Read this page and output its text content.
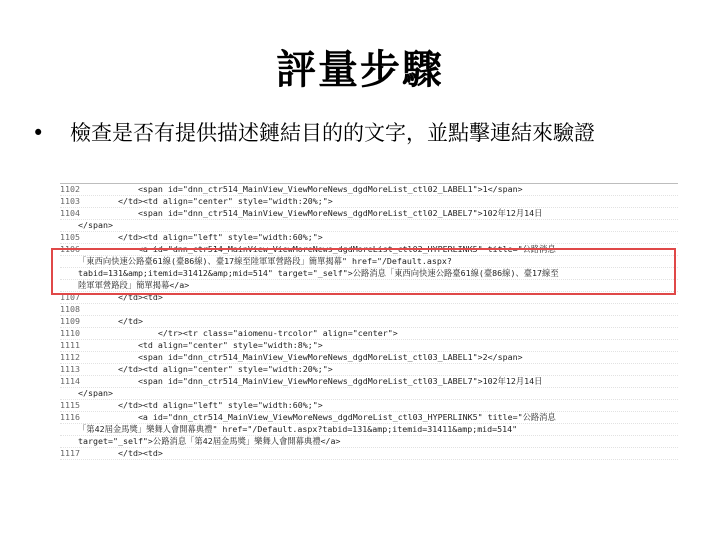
評量步驟
• 檢查是否有提供描述鏈結目的的文字，並點擊連結來驗證
1102
<span id="dnn_ctr514_MainView_ViewMoreNews_dgdMoreList_ctl02_LABEL1">1</span>
1103
</td><td align="center" style="width:20%;">
1104
<span id="dnn_ctr514_MainView_ViewMoreNews_dgdMoreList_ctl02_LABEL7">102年12月14日
</span>
1105
</td><td align="left" style="width:60%;">
1106
<a id="dnn_ctr514_MainView_ViewMoreNews_dgdMoreList_ctl02_HYPERLINK5" title="公路消息
「東西向快速公路臺61線(臺86線)、臺17線至陸軍軍營路段」簡單揭幕" href="/Default.aspx?
tabid=131&amp;itemid=31412&amp;mid=514" target="_self">公路消息「東西向快速公路臺61線(臺86線)、臺17線至
陸軍軍營路段」簡單揭幕</a>
1107
</td><td>
1108
1109
</td>
1110
</tr><tr class="aiomenu-trcolor" align="center">
1111
<td align="center" style="width:8%;">
1112
<span id="dnn_ctr514_MainView_ViewMoreNews_dgdMoreList_ctl03_LABEL1">2</span>
1113
</td><td align="center" style="width:20%;">
1114
<span id="dnn_ctr514_MainView_ViewMoreNews_dgdMoreList_ctl03_LABEL7">102年12月14日
</span>
1115
</td><td align="left" style="width:60%;">
1116
<a id="dnn_ctr514_MainView_ViewMoreNews_dgdMoreList_ctl03_HYPERLINK5" title="公路消息
「第42屆金馬獎」樂舞人會開幕典禮" href="/Default.aspx?tabid=131&amp;itemid=31411&amp;mid=514"
target="_self">公路消息「第42屆金馬獎」樂舞人會開幕典禮</a>
1117
</td><td>
